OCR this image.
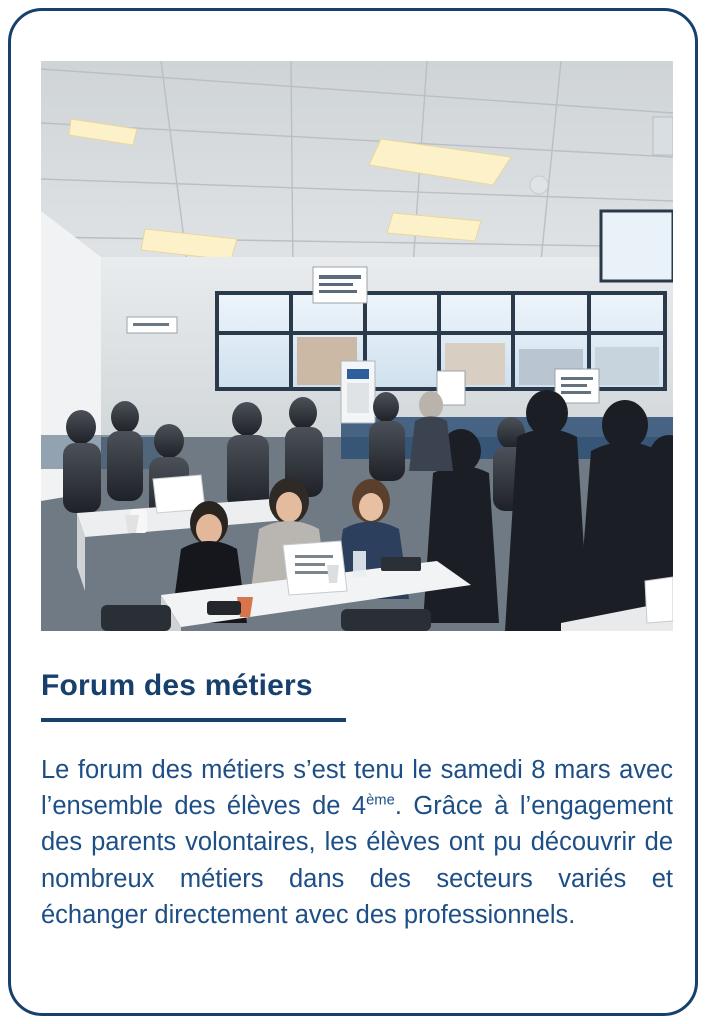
Forum des métiers

Le forum des métiers s’est tenu le samedi 8 mars avec l’ensemble des élèves de 4ème. Grâce à l’engagement des parents volontaires, les élèves ont pu découvrir de nombreux métiers dans des secteurs variés et échanger directement avec des professionnels.
